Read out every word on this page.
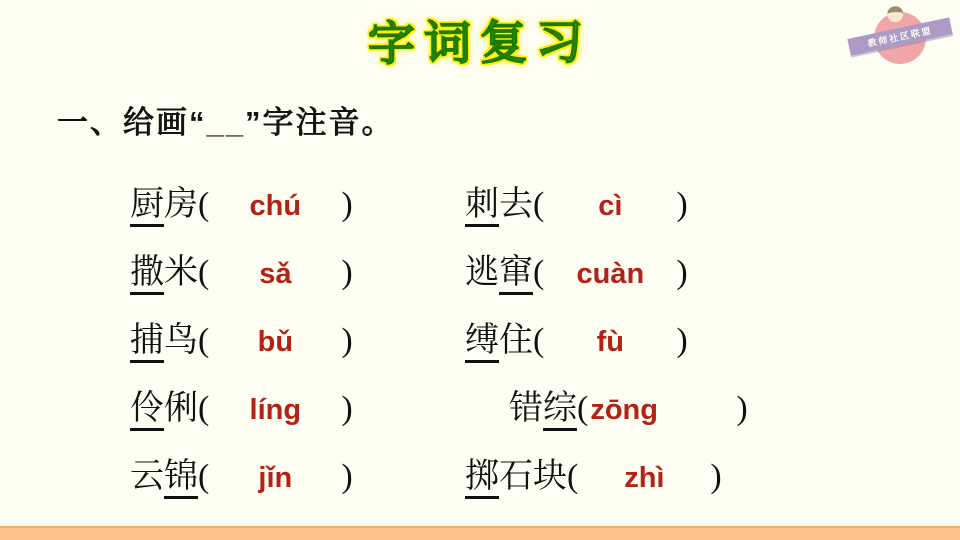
字词复习	教师社区联盟
一、给画“__”字注音。
厨房( chú )	刺去( cì )
撒米( sǎ )	逃窜( cuàn )
捕鸟( bǔ )	缚住( fù )
伶俐( líng )	错综(zōng )
云锦( jǐn )	掷石块( zhì )
